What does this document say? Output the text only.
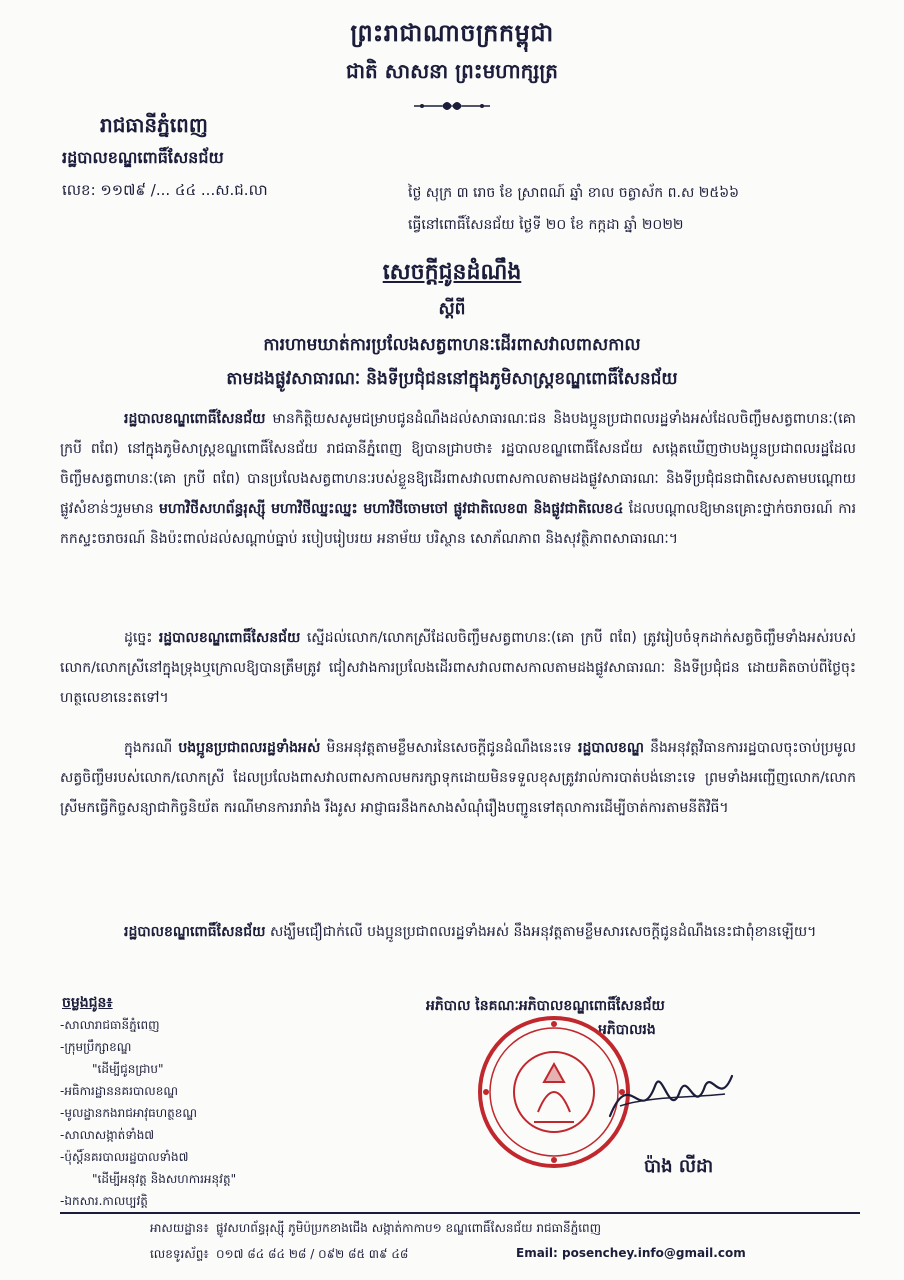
ព្រះរាជាណាចក្រកម្ពុជា
ជាតិ សាសនា ព្រះមហាក្សត្រ
រាជធានីភ្នំពេញ
រដ្ឋបាលខណ្ឌពោធិ៍សែនជ័យ
លេខ: ១១៧៩ /... ៤៤ ...ស.ជ.លា	ថ្ងៃ សុក្រ ៣ រោច ខែ ស្រាពណ៍ ឆ្នាំ ខាល ចត្វាស័ក ព.ស ២៥៦៦
ធ្វើនៅពោធិ៍សែនជ័យ ថ្ងៃទី ២០ ខែ កក្កដា ឆ្នាំ ២០២២
សេចក្តីជូនដំណឹង
ស្តីពី
ការហាមឃាត់ការប្រលែងសត្វពាហនៈដើរពាសវាលពាសកាល
តាមដងផ្លូវសាធារណៈ និងទីប្រជុំជននៅក្នុងភូមិសាស្ត្រខណ្ឌពោធិ៍សែនជ័យ
រដ្ឋបាលខណ្ឌពោធិ៍សែនជ័យ មានកិត្តិយសសូមជម្រាបជូនដំណឹងដល់សាធារណៈជន និងបងប្អូនប្រជាពលរដ្ឋទាំងអស់ដែលចិញ្ចឹមសត្វពាហនៈ(គោ ក្របី ពពែ) នៅក្នុងភូមិសាស្ត្រខណ្ឌពោធិ៍សែនជ័យ រាជធានីភ្នំពេញ ឱ្យបានជ្រាបថា៖ រដ្ឋបាលខណ្ឌពោធិ៍សែនជ័យ សង្កេតឃើញថាបងប្អូនប្រជាពលរដ្ឋដែលចិញ្ចឹមសត្វពាហនៈ(គោ ក្របី ពពែ) បានប្រលែងសត្វពាហនៈរបស់ខ្លួនឱ្យដើរពាសវាលពាសកាលតាមដងផ្លូវសាធារណៈ និងទីប្រជុំជនជាពិសេសតាមបណ្តោយផ្លូវសំខាន់ៗរួមមាន មហាវិថីសហព័ន្ធរុស្ស៊ី មហាវិថីឈ្នះឈ្នះ មហាវិថីចោមចៅ ផ្លូវជាតិលេខ៣ និងផ្លូវជាតិលេខ៤ ដែលបណ្តាលឱ្យមានគ្រោះថ្នាក់ចរាចរណ៍ ការកកស្ទះចរាចរណ៍ និងប៉ះពាល់ដល់សណ្តាប់ធ្នាប់ របៀបរៀបរយ អនាម័យ បរិស្ថាន សោភ័ណភាព និងសុវត្ថិភាពសាធារណៈ។
ដូច្នេះ រដ្ឋបាលខណ្ឌពោធិ៍សែនជ័យ ស្នើដល់លោក/លោកស្រីដែលចិញ្ចឹមសត្វពាហនៈ(គោ ក្របី ពពែ) ត្រូវរៀបចំទុកដាក់សត្វចិញ្ចឹមទាំងអស់របស់លោក/លោកស្រីនៅក្នុងទ្រុងឬក្រោលឱ្យបានត្រឹមត្រូវ ជៀសវាងការប្រលែងដើរពាសវាលពាសកាលតាមដងផ្លូវសាធារណៈ និងទីប្រជុំជន ដោយគិតចាប់ពីថ្ងៃចុះហត្ថលេខានេះតទៅ។
ក្នុងករណី បងប្អូនប្រជាពលរដ្ឋទាំងអស់ មិនអនុវត្តតាមខ្លឹមសារនៃសេចក្តីជូនដំណឹងនេះទេ រដ្ឋបាលខណ្ឌ នឹងអនុវត្តវិធានការរដ្ឋបាលចុះចាប់ប្រមូលសត្វចិញ្ចឹមរបស់លោក/លោកស្រី ដែលប្រលែងពាសវាលពាសកាលមករក្សាទុកដោយមិនទទួលខុសត្រូវរាល់ការបាត់បង់នោះទេ ព្រមទាំងអញ្ជើញលោក/លោកស្រីមកធ្វើកិច្ចសន្យាជាកិច្ចនិយ័ត ករណីមានការរារាំង រឹងរូស អាជ្ញាធរនឹងកសាងសំណុំរឿងបញ្ជូនទៅតុលាការដើម្បីចាត់ការតាមនីតិវិធី។
រដ្ឋបាលខណ្ឌពោធិ៍សែនជ័យ សង្ឃឹមជឿជាក់លើ បងប្អូនប្រជាពលរដ្ឋទាំងអស់ នឹងអនុវត្តតាមខ្លឹមសារសេចក្តីជូនដំណឹងនេះជាពុំខានឡើយ។
ចម្លងជូន៖
-សាលារាជធានីភ្នំពេញ
-ក្រុមប្រឹក្សាខណ្ឌ
"ដើម្បីជូនជ្រាប"
-អធិការដ្ឋាននគរបាលខណ្ឌ
-មូលដ្ឋានកងរាជអាវុធហត្ថខណ្ឌ
-សាលាសង្កាត់ទាំង៧
-ប៉ុស្តិ៍នគរបាលរដ្ឋបាលទាំង៧
"ដើម្បីអនុវត្ត និងសហការអនុវត្ត"
-ឯកសារ.កាលប្បវត្តិ
អភិបាល នៃគណៈអភិបាលខណ្ឌពោធិ៍សែនជ័យ
អភិបាលរង
ប៉ាង លីដា
អាសយដ្ឋាន៖ ផ្លូវសហព័ន្ធរុស្ស៊ី ភូមិប៉ប្រកខាងជើង សង្កាត់កាកាប១ ខណ្ឌពោធិ៍សែនជ័យ រាជធានីភ្នំពេញ
លេខទូរស័ព្ទ៖ ០១៧ ៨៤ ៨៤ ២៨ / ០៩២ ៨៥ ៣៩ ៤៨	Email: posenchey.info@gmail.com
